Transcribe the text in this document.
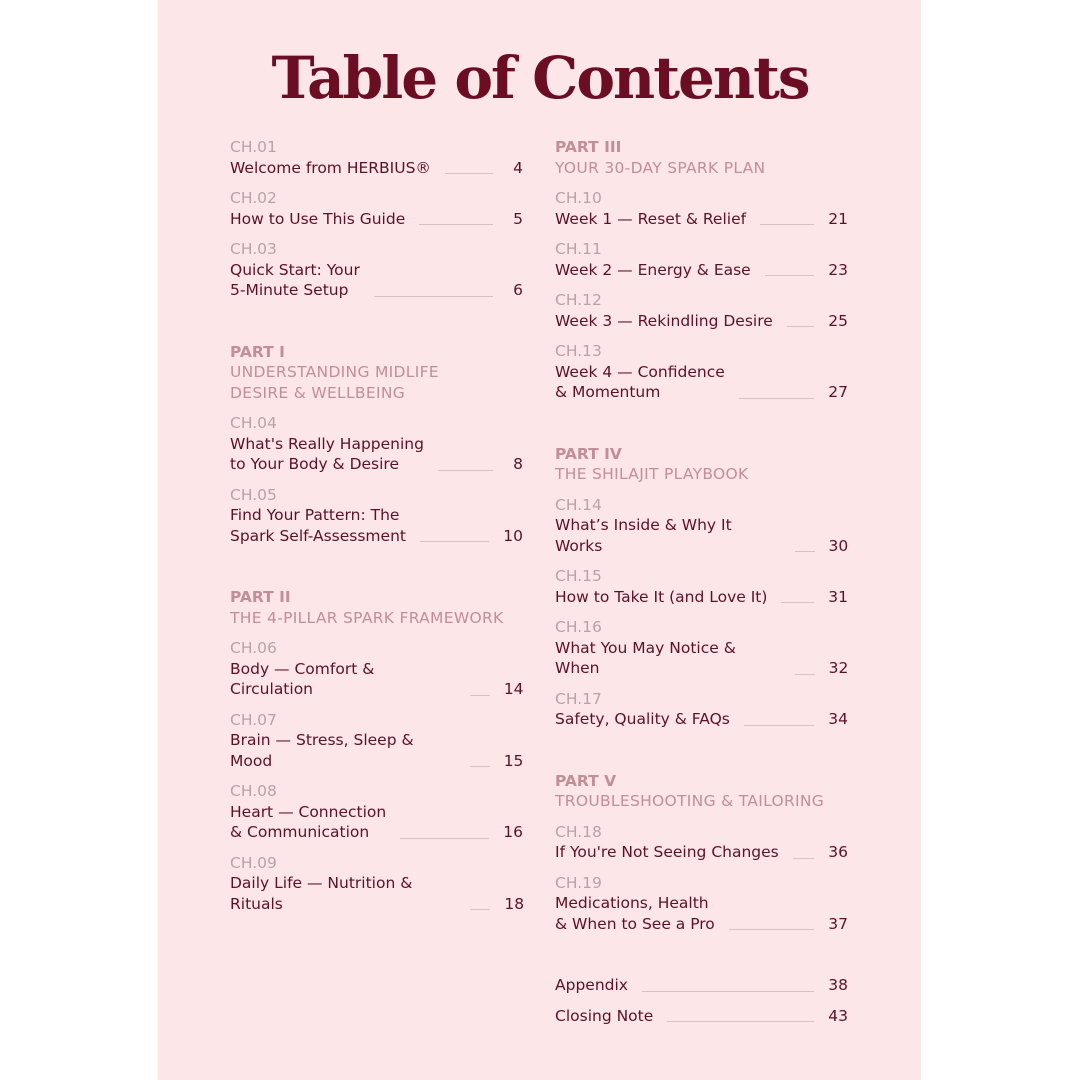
Table of Contents
CH.01
Welcome from HERBIUS®	4
CH.02
How to Use This Guide	5
CH.03
Quick Start: Your
5-Minute Setup	6
PART I
UNDERSTANDING MIDLIFE
DESIRE & WELLBEING
CH.04
What's Really Happening
to Your Body & Desire	8
CH.05
Find Your Pattern: The
Spark Self-Assessment	10
PART II
THE 4-PILLAR SPARK FRAMEWORK
CH.06
Body — Comfort & Circulation	14
CH.07
Brain — Stress, Sleep & Mood	15
CH.08
Heart — Connection
& Communication	16
CH.09
Daily Life — Nutrition & Rituals	18
PART III
YOUR 30-DAY SPARK PLAN
CH.10
Week 1 — Reset & Relief	21
CH.11
Week 2 — Energy & Ease	23
CH.12
Week 3 — Rekindling Desire	25
CH.13
Week 4 — Confidence
& Momentum	27
PART IV
THE SHILAJIT PLAYBOOK
CH.14
What’s Inside & Why It Works	30
CH.15
How to Take It (and Love It)	31
CH.16
What You May Notice & When	32
CH.17
Safety, Quality & FAQs	34
PART V
TROUBLESHOOTING & TAILORING
CH.18
If You're Not Seeing Changes	36
CH.19
Medications, Health
& When to See a Pro	37
Appendix	38
Closing Note	43
